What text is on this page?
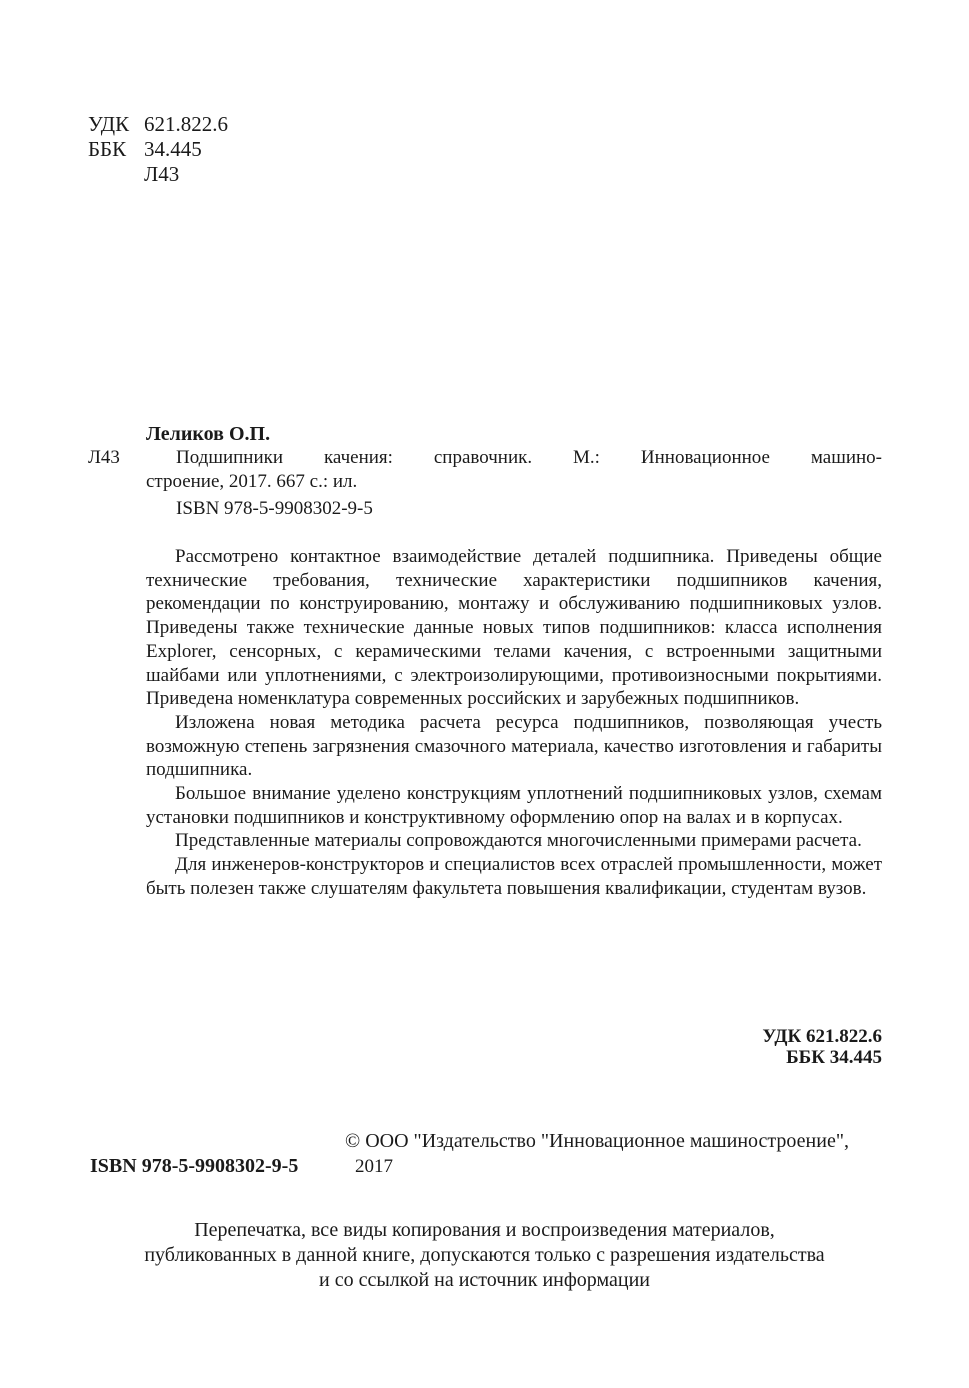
УДК 621.822.6
ББК 34.445
Л43
Леликов О.П.
Л43	Подшипники качения: справочник. М.: Инновационное машино-
строение, 2017. 667 с.: ил.
ISBN 978-5-9908302-9-5

Рассмотрено контактное взаимодействие деталей подшипника. Приведены общие технические требования, технические характеристики подшипников качения, рекомендации по конструированию, монтажу и обслуживанию подшипниковых узлов. Приведены также технические данные новых типов подшипников: класса исполнения Explorer, сенсорных, с керамическими телами качения, с встроенными защитными шайбами или уплотнениями, с электроизолирующими, противоизносными покрытиями. Приведена номенклатура современных российских и зарубежных подшипников.

Изложена новая методика расчета ресурса подшипников, позволяющая учесть возможную степень загрязнения смазочного материала, качество изготовления и габариты подшипника.

Большое внимание уделено конструкциям уплотнений подшипниковых узлов, схемам установки подшипников и конструктивному оформлению опор на валах и в корпусах.

Представленные материалы сопровождаются многочисленными примерами расчета.

Для инженеров-конструкторов и специалистов всех отраслей промышленности, может быть полезен также слушателям факультета повышения квалификации, студентам вузов.

УДК 621.822.6
ББК 34.445
© ООО "Издательство "Инновационное машиностроение",
ISBN 978-5-9908302-9-5	2017
Перепечатка, все виды копирования и воспроизведения материалов,
публикованных в данной книге, допускаются только с разрешения издательства
и со ссылкой на источник информации
